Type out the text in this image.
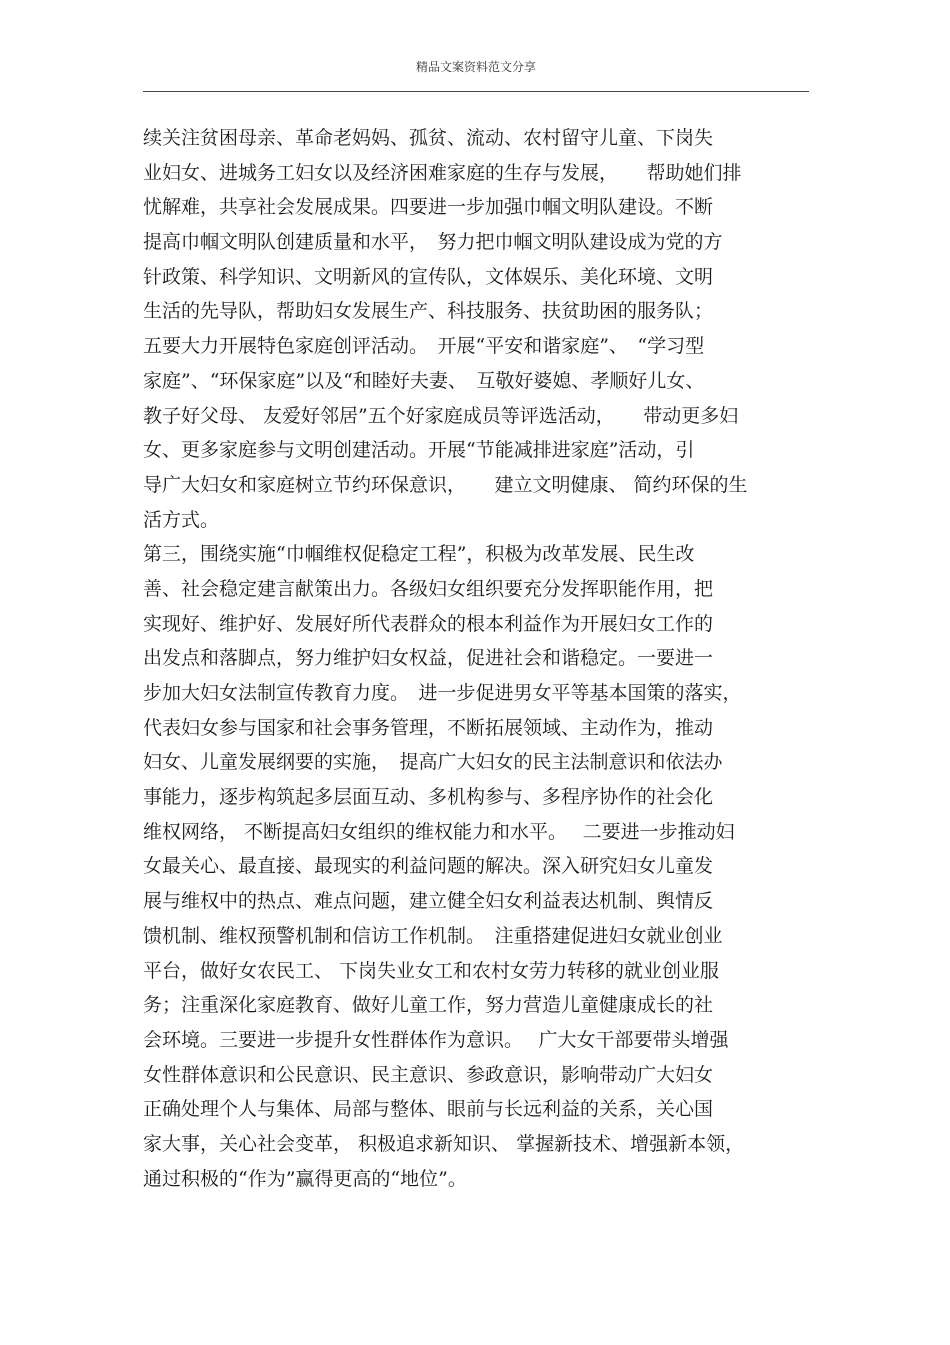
精品文案资料范文分享
续关注贫困母亲、革命老妈妈、孤贫、流动、农村留守儿童、下岗失
业妇女、进城务工妇女以及经济困难家庭的生存与发展，　　帮助她们排
忧解难，共享社会发展成果。四要进一步加强巾帼文明队建设。不断
提高巾帼文明队创建质量和水平，　努力把巾帼文明队建设成为党的方
针政策、科学知识、文明新风的宣传队，文体娱乐、美化环境、文明
生活的先导队，帮助妇女发展生产、科技服务、扶贫助困的服务队；
五要大力开展特色家庭创评活动。　开展“平安和谐家庭”、　“学习型
家庭”、“环保家庭”以及“和睦好夫妻、　互敬好婆媳、孝顺好儿女、
教子好父母、 友爱好邻居”五个好家庭成员等评选活动，　　带动更多妇
女、更多家庭参与文明创建活动。开展“节能减排进家庭”活动，引
导广大妇女和家庭树立节约环保意识，　　建立文明健康、 简约环保的生
活方式。
第三，围绕实施“巾帼维权促稳定工程”，积极为改革发展、民生改
善、社会稳定建言献策出力。各级妇女组织要充分发挥职能作用，把
实现好、维护好、发展好所代表群众的根本利益作为开展妇女工作的
出发点和落脚点，努力维护妇女权益，促进社会和谐稳定。一要进一
步加大妇女法制宣传教育力度。　进一步促进男女平等基本国策的落实，
代表妇女参与国家和社会事务管理，不断拓展领域、主动作为，推动
妇女、儿童发展纲要的实施，　提高广大妇女的民主法制意识和依法办
事能力，逐步构筑起多层面互动、多机构参与、多程序协作的社会化
维权网络， 不断提高妇女组织的维权能力和水平。　 二要进一步推动妇
女最关心、最直接、最现实的利益问题的解决。深入研究妇女儿童发
展与维权中的热点、难点问题，建立健全妇女利益表达机制、舆情反
馈机制、维权预警机制和信访工作机制。　注重搭建促进妇女就业创业
平台，做好女农民工、 下岗失业女工和农村女劳力转移的就业创业服
务；注重深化家庭教育、做好儿童工作，努力营造儿童健康成长的社
会环境。三要进一步提升女性群体作为意识。　 广大女干部要带头增强
女性群体意识和公民意识、民主意识、参政意识，影响带动广大妇女
正确处理个人与集体、局部与整体、眼前与长远利益的关系，关心国
家大事，关心社会变革， 积极追求新知识、 掌握新技术、增强新本领，
通过积极的“作为”赢得更高的“地位”。
